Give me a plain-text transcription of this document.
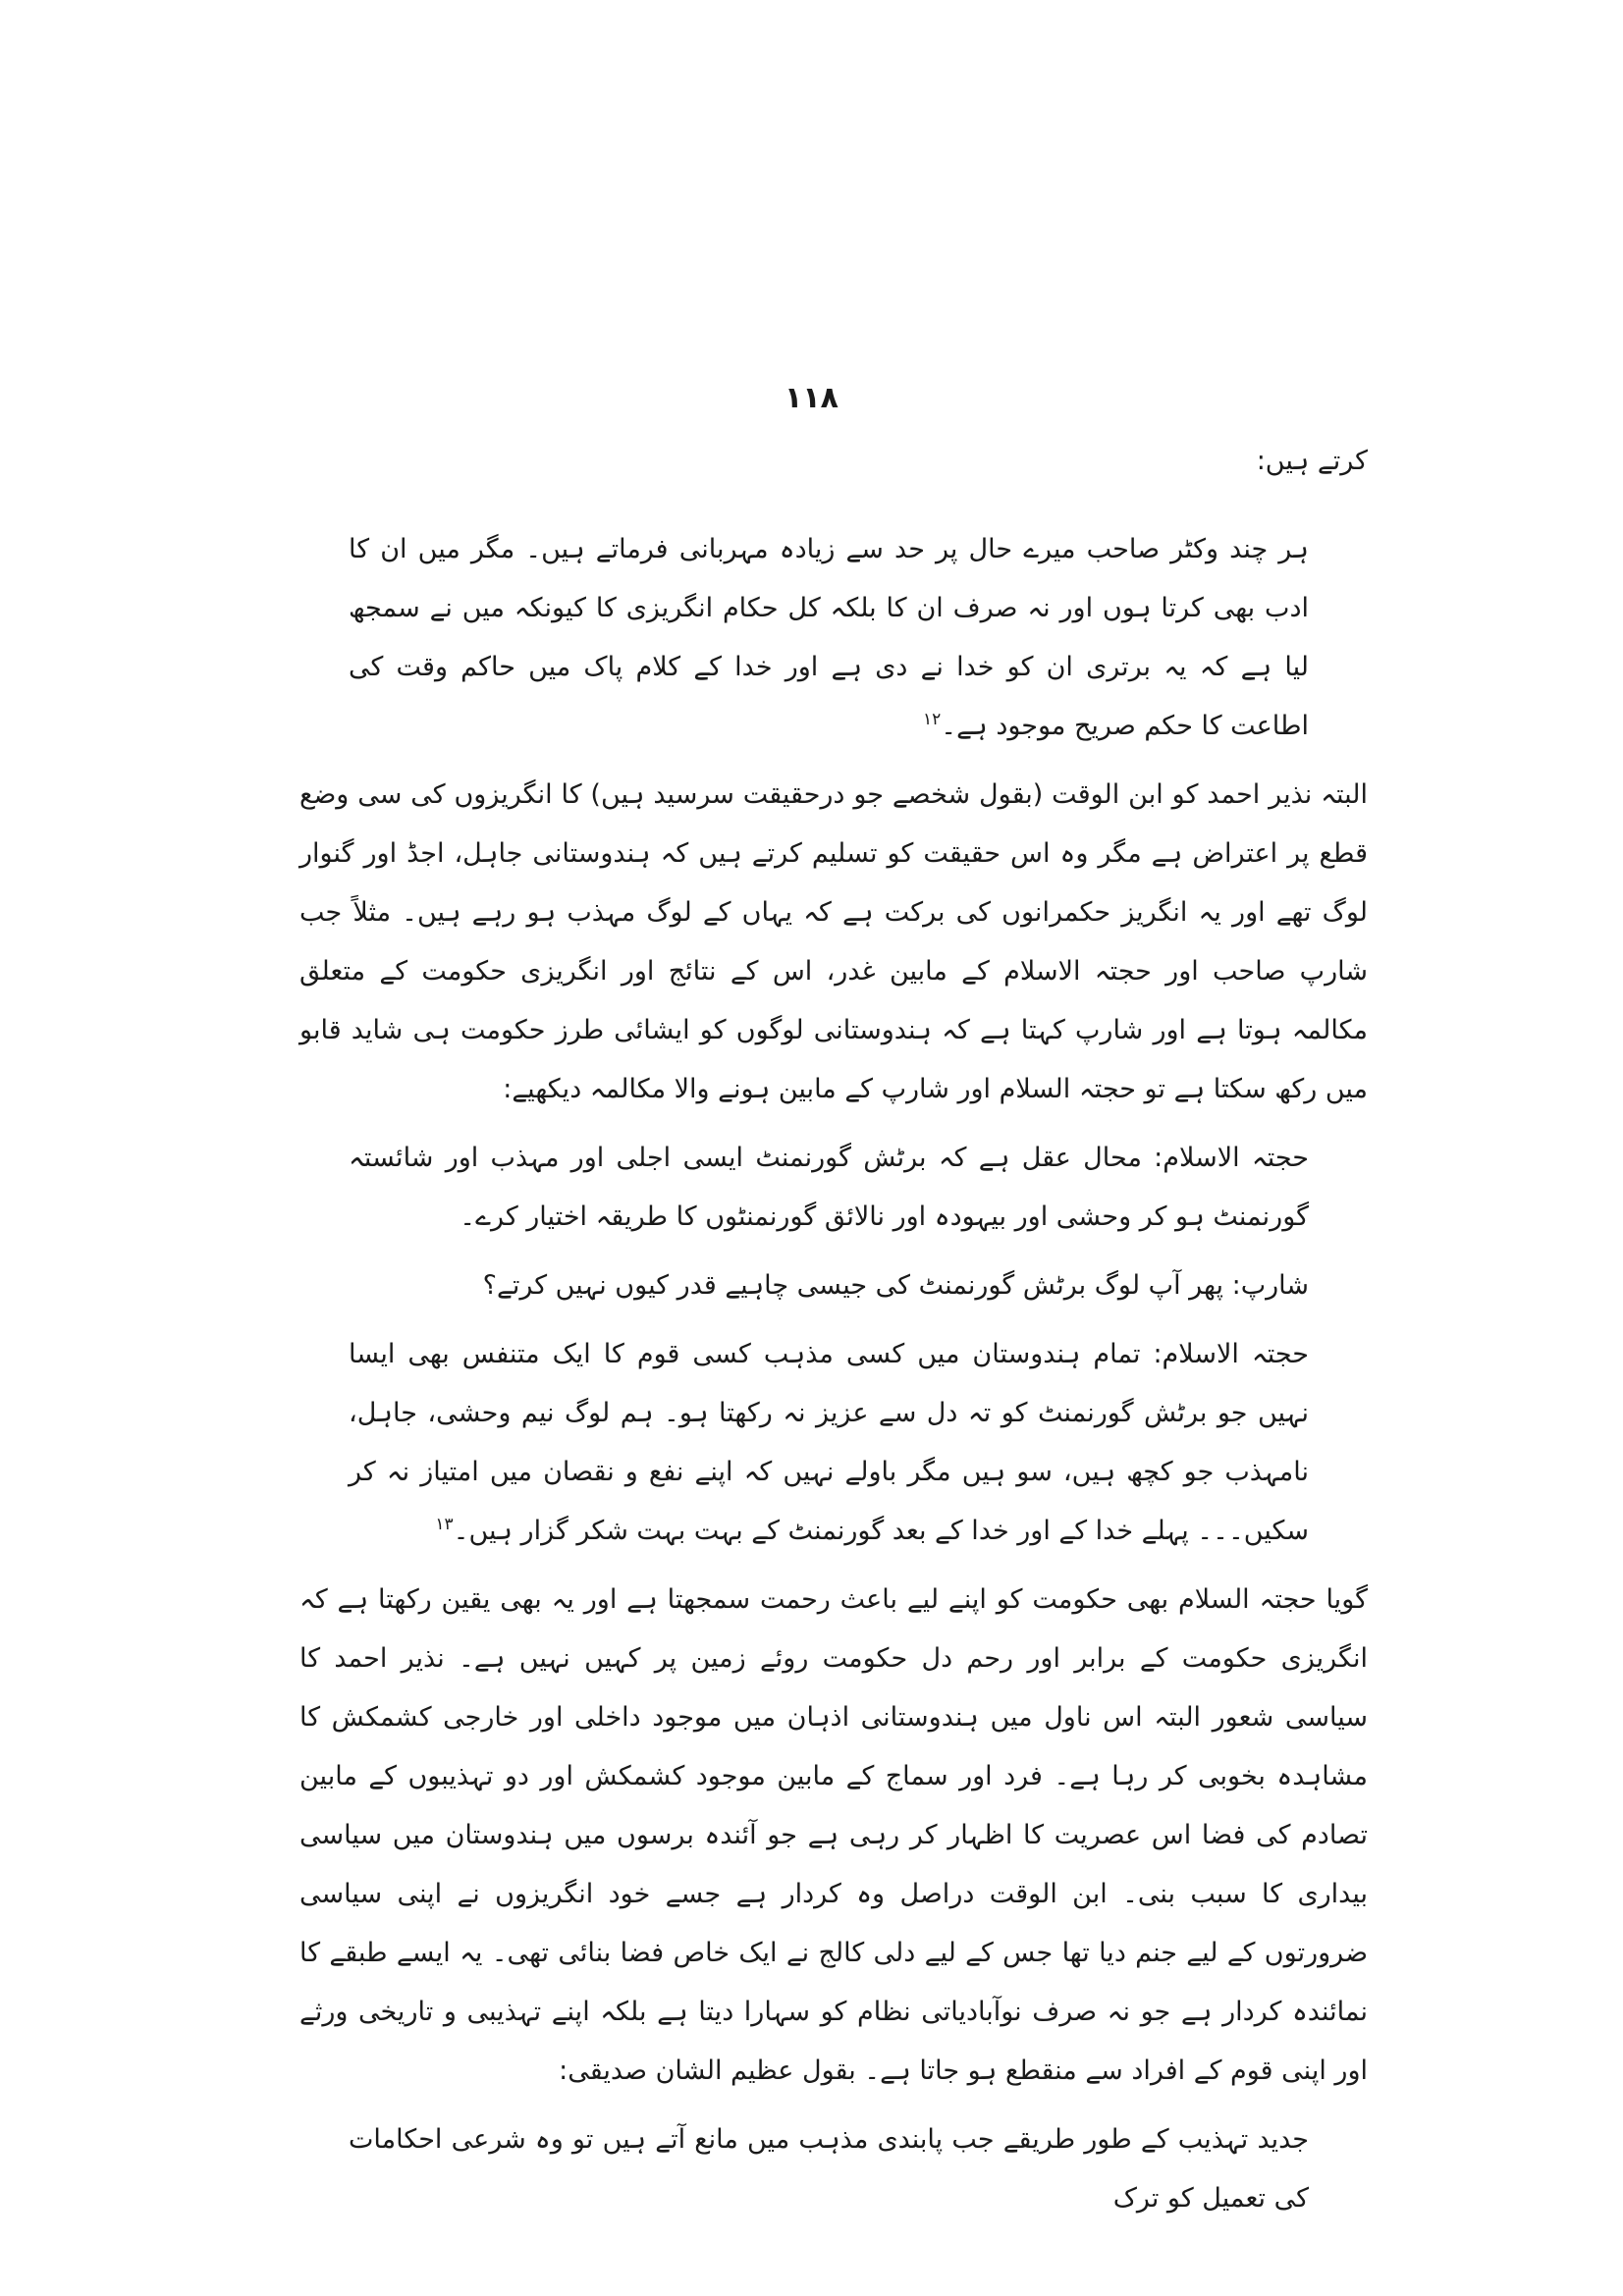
۱۱۸

کرتے ہیں:

ہر چند وکٹر صاحب میرے حال پر حد سے زیادہ مہربانی فرماتے ہیں۔ مگر میں ان کا ادب بھی کرتا ہوں اور نہ صرف ان کا بلکہ کل حکام انگریزی کا کیونکہ میں نے سمجھ لیا ہے کہ یہ برتری ان کو خدا نے دی ہے اور خدا کے کلام پاک میں حاکم وقت کی اطاعت کا حکم صریح موجود ہے۔$^{۱۲}$

البتہ نذیر احمد کو ابن الوقت (بقول شخصے جو درحقیقت سرسید ہیں) کا انگریزوں کی سی وضع قطع پر اعتراض ہے مگر وہ اس حقیقت کو تسلیم کرتے ہیں کہ ہندوستانی جاہل، اجڈ اور گنوار لوگ تھے اور یہ انگریز حکمرانوں کی برکت ہے کہ یہاں کے لوگ مہذب ہو رہے ہیں۔ مثلاً جب شارپ صاحب اور حجتہ الاسلام کے مابین غدر، اس کے نتائج اور انگریزی حکومت کے متعلق مکالمہ ہوتا ہے اور شارپ کہتا ہے کہ ہندوستانی لوگوں کو ایشائی طرز حکومت ہی شاید قابو میں رکھ سکتا ہے تو حجتہ السلام اور شارپ کے مابین ہونے والا مکالمہ دیکھیے:

حجتہ الاسلام: محال عقل ہے کہ برٹش گورنمنٹ ایسی اجلی اور مہذب اور شائستہ گورنمنٹ ہو کر وحشی اور بیہودہ اور نالائق گورنمنٹوں کا طریقہ اختیار کرے۔

شارپ: پھر آپ لوگ برٹش گورنمنٹ کی جیسی چاہیے قدر کیوں نہیں کرتے؟

حجتہ الاسلام: تمام ہندوستان میں کسی مذہب کسی قوم کا ایک متنفس بھی ایسا نہیں جو برٹش گورنمنٹ کو تہ دل سے عزیز نہ رکھتا ہو۔ ہم لوگ نیم وحشی، جاہل، نامہذب جو کچھ ہیں، سو ہیں مگر باولے نہیں کہ اپنے نفع و نقصان میں امتیاز نہ کر سکیں۔۔۔ پہلے خدا کے اور خدا کے بعد گورنمنٹ کے بہت بہت شکر گزار ہیں۔$^{۱۳}$

گویا حجتہ السلام بھی حکومت کو اپنے لیے باعث رحمت سمجھتا ہے اور یہ بھی یقین رکھتا ہے کہ انگریزی حکومت کے برابر اور رحم دل حکومت روئے زمین پر کہیں نہیں ہے۔ نذیر احمد کا سیاسی شعور البتہ اس ناول میں ہندوستانی اذہان میں موجود داخلی اور خارجی کشمکش کا مشاہدہ بخوبی کر رہا ہے۔ فرد اور سماج کے مابین موجود کشمکش اور دو تہذیبوں کے مابین تصادم کی فضا اس عصریت کا اظہار کر رہی ہے جو آئندہ برسوں میں ہندوستان میں سیاسی بیداری کا سبب بنی۔ ابن الوقت دراصل وہ کردار ہے جسے خود انگریزوں نے اپنی سیاسی ضرورتوں کے لیے جنم دیا تھا جس کے لیے دلی کالج نے ایک خاص فضا بنائی تھی۔ یہ ایسے طبقے کا نمائندہ کردار ہے جو نہ صرف نوآبادیاتی نظام کو سہارا دیتا ہے بلکہ اپنے تہذیبی و تاریخی ورثے اور اپنی قوم کے افراد سے منقطع ہو جاتا ہے۔ بقول عظیم الشان صدیقی:

جدید تہذیب کے طور طریقے جب پابندی مذہب میں مانع آتے ہیں تو وہ شرعی احکامات کی تعمیل کو ترک
